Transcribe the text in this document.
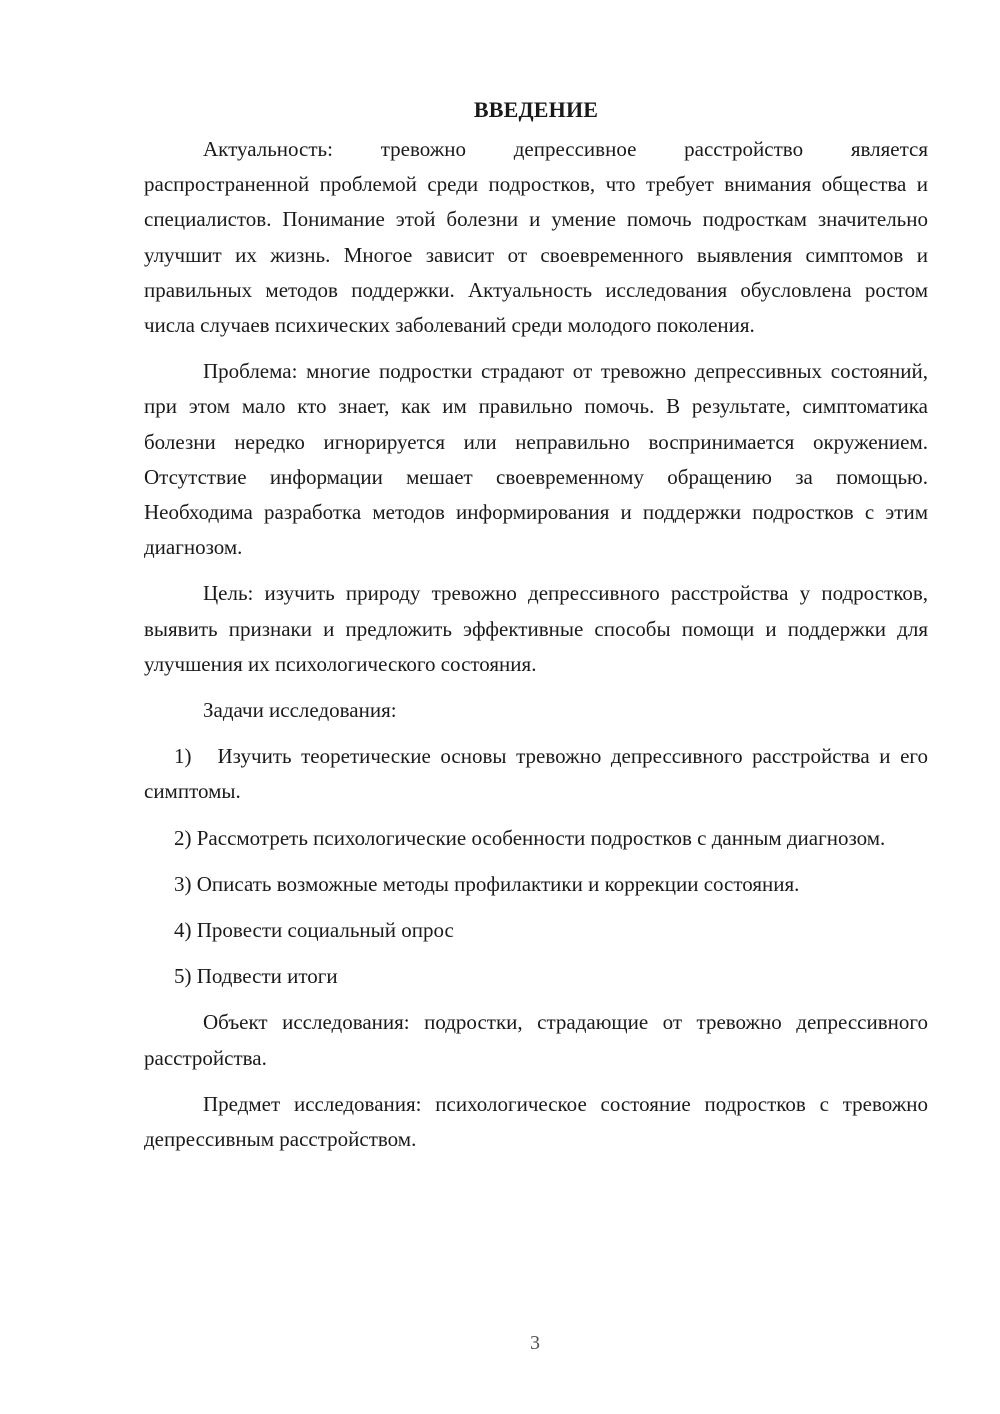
ВВЕДЕНИЕ

Актуальность: тревожно депрессивное расстройство является распространенной проблемой среди подростков, что требует внимания общества и специалистов. Понимание этой болезни и умение помочь подросткам значительно улучшит их жизнь. Многое зависит от своевременного выявления симптомов и правильных методов поддержки. Актуальность исследования обусловлена ростом числа случаев психических заболеваний среди молодого поколения.

Проблема: многие подростки страдают от тревожно депрессивных состояний, при этом мало кто знает, как им правильно помочь. В результате, симптоматика болезни нередко игнорируется или неправильно воспринимается окружением. Отсутствие информации мешает своевременному обращению за помощью. Необходима разработка методов информирования и поддержки подростков с этим диагнозом.

Цель: изучить природу тревожно депрессивного расстройства у подростков, выявить признаки и предложить эффективные способы помощи и поддержки для улучшения их психологического состояния.

Задачи исследования:

1) Изучить теоретические основы тревожно депрессивного расстройства и его симптомы.

2) Рассмотреть психологические особенности подростков с данным диагнозом.

3) Описать возможные методы профилактики и коррекции состояния.

4) Провести социальный опрос

5) Подвести итоги

Объект исследования: подростки, страдающие от тревожно депрессивного расстройства.

Предмет исследования: психологическое состояние подростков с тревожно депрессивным расстройством.

3
